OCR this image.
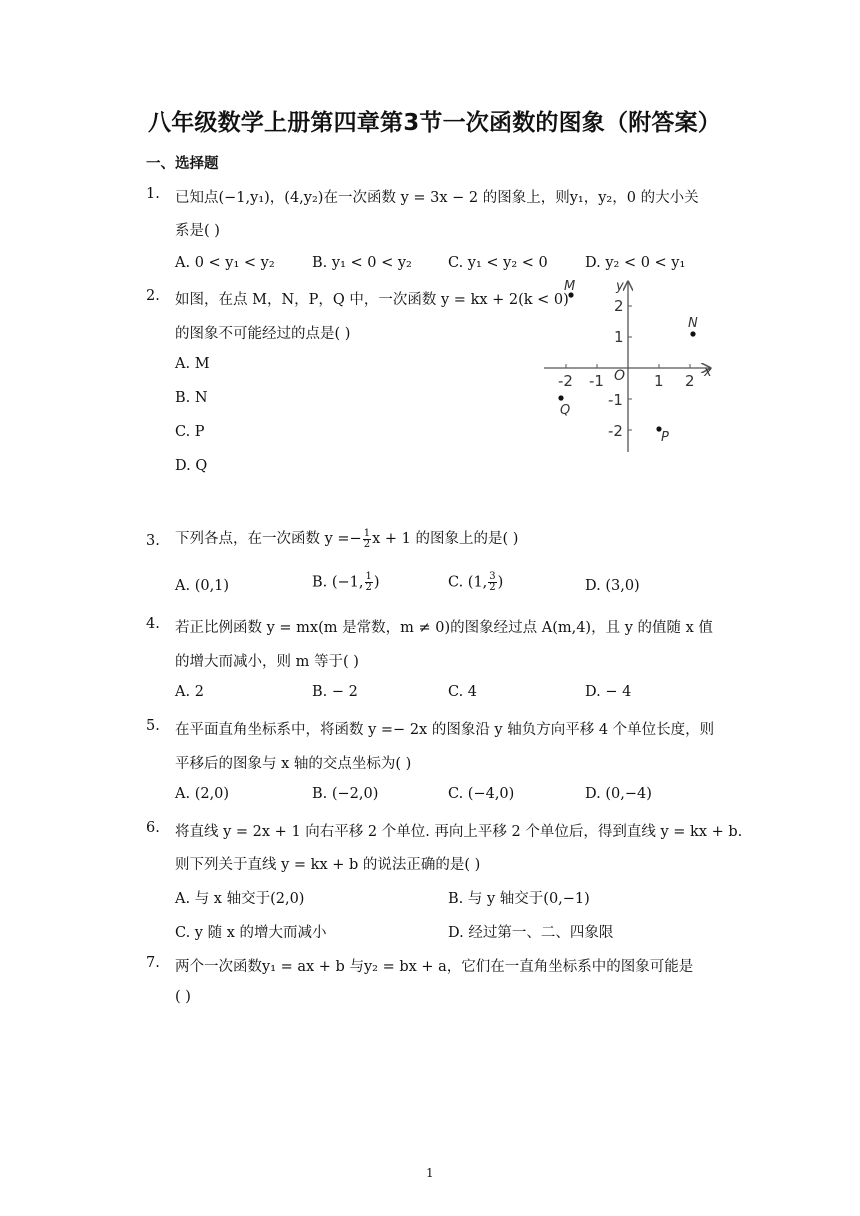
八年级数学上册第四章第3节一次函数的图象（附答案）
一、选择题
1. 已知点(−1,y₁)，(4,y₂)在一次函数 y = 3x − 2 的图象上，则y₁，y₂，0 的大小关
系是( )
A. 0 < y₁ < y₂	B. y₁ < 0 < y₂ C. y₁ < y₂ < 0	D. y₂ < 0 < y₁
2. 如图，在点 M，N，P，Q 中，一次函数 y = kx + 2(k < 0)
的图象不可能经过的点是( )
A. M
B. N
C. P
D. Q
x
y
O
-2 -1	1 2
2
1
-1
-2
M
N
Q
P
3. 下列各点，在一次函数 $y =- \frac{1}{2}$ x + 1 的图象上的是( )
A. (0,1)	B. (−1, $\frac{1}{2}$ )	C. (1, $\frac{3}{2}$ )	D. (3,0)
4. 若正比例函数 y = mx(m 是常数，m ≠ 0)的图象经过点 A(m,4)，且 y 的值随 x 值
的增大而减小，则 m 等于( )
A. 2	B. − 2	C. 4	D. − 4
5. 在平面直角坐标系中，将函数 y =− 2x 的图象沿 y 轴负方向平移 4 个单位长度，则
平移后的图象与 x 轴的交点坐标为( )
A. (2,0)	B. (−2,0)	C. (−4,0)	D. (0,−4)
6. 将直线 y = 2x + 1 向右平移 2 个单位. 再向上平移 2 个单位后，得到直线 y = kx + b.
则下列关于直线 y = kx + b 的说法正确的是( )
A. 与 x 轴交于(2,0)	B. 与 y 轴交于(0,−1)
C. y 随 x 的增大而减小	D. 经过第一、二、四象限
7. 两个一次函数y₁ = ax + b 与y₂ = bx + a，它们在一直角坐标系中的图象可能是
( )
1
